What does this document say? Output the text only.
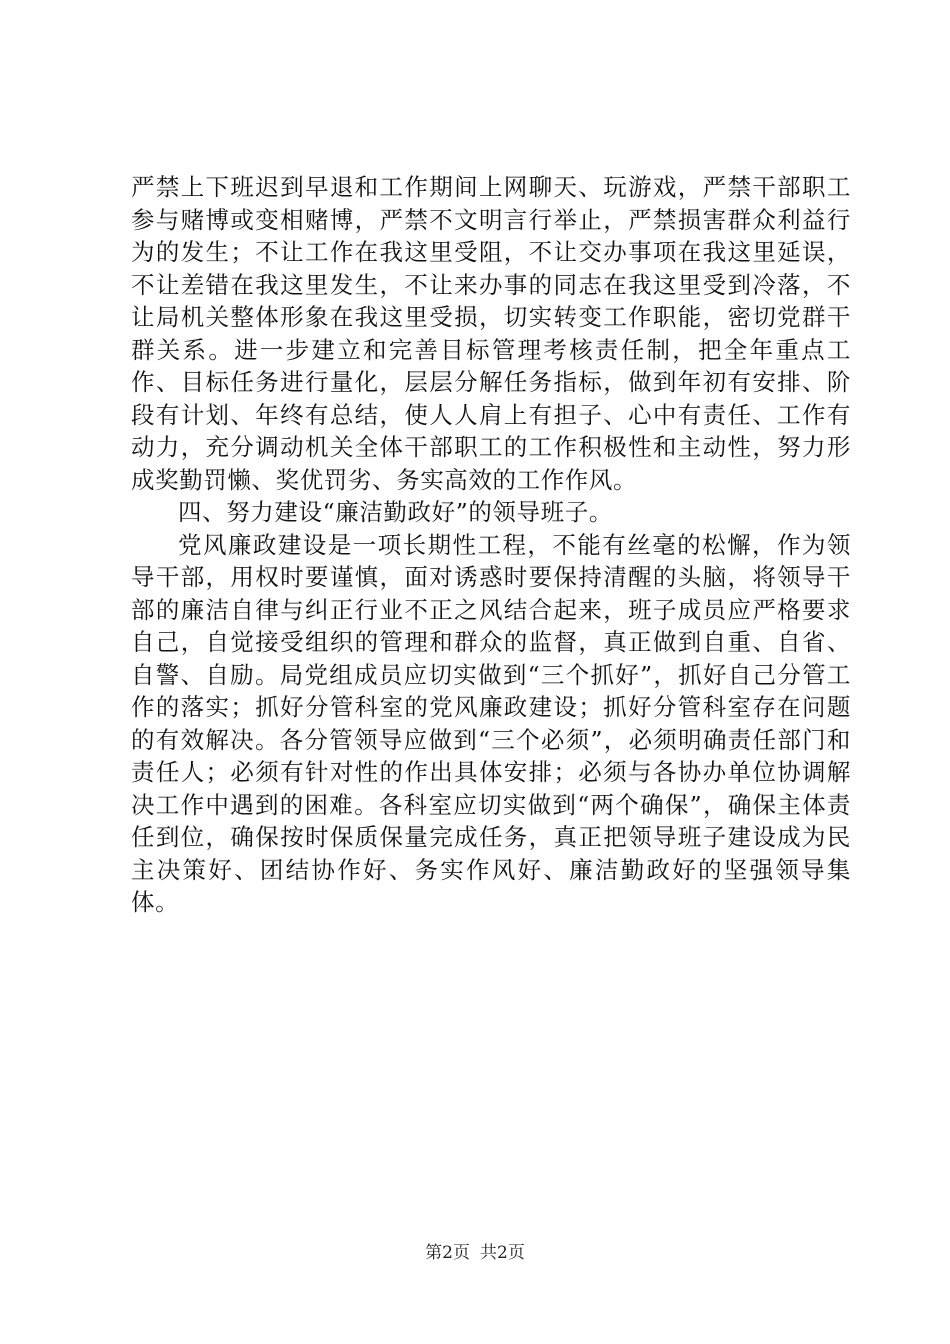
严禁上下班迟到早退和工作期间上网聊天、玩游戏，严禁干部职工参与赌博或变相赌博，严禁不文明言行举止，严禁损害群众利益行为的发生；不让工作在我这里受阻，不让交办事项在我这里延误，不让差错在我这里发生，不让来办事的同志在我这里受到冷落，不让局机关整体形象在我这里受损，切实转变工作职能，密切党群干群关系。进一步建立和完善目标管理考核责任制，把全年重点工作、目标任务进行量化，层层分解任务指标，做到年初有安排、阶段有计划、年终有总结，使人人肩上有担子、心中有责任、工作有动力，充分调动机关全体干部职工的工作积极性和主动性，努力形成奖勤罚懒、奖优罚劣、务实高效的工作作风。

四、努力建设“廉洁勤政好”的领导班子。

党风廉政建设是一项长期性工程，不能有丝毫的松懈，作为领导干部，用权时要谨慎，面对诱惑时要保持清醒的头脑，将领导干部的廉洁自律与纠正行业不正之风结合起来，班子成员应严格要求自己，自觉接受组织的管理和群众的监督，真正做到自重、自省、自警、自励。局党组成员应切实做到“三个抓好”，抓好自己分管工作的落实；抓好分管科室的党风廉政建设；抓好分管科室存在问题的有效解决。各分管领导应做到“三个必须”，必须明确责任部门和责任人；必须有针对性的作出具体安排；必须与各协办单位协调解决工作中遇到的困难。各科室应切实做到“两个确保”，确保主体责任到位，确保按时保质保量完成任务，真正把领导班子建设成为民主决策好、团结协作好、务实作风好、廉洁勤政好的坚强领导集体。

第2页 共2页
